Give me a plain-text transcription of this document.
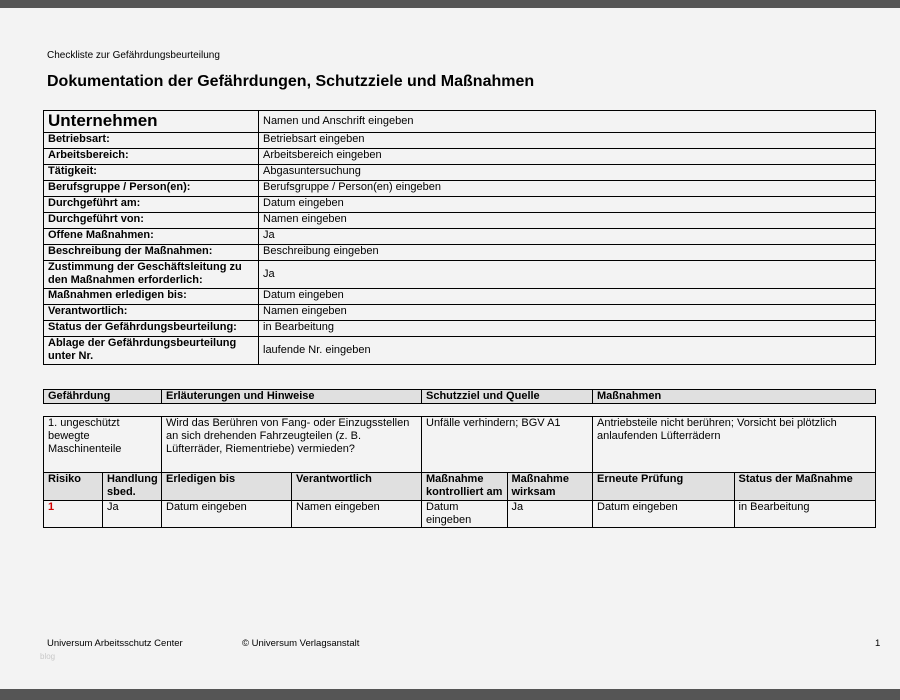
Checkliste zur Gefährdungsbeurteilung
Dokumentation der Gefährdungen, Schutzziele und Maßnahmen
Unternehmen	Namen und Anschrift eingeben
Betriebsart:	Betriebsart eingeben
Arbeitsbereich:	Arbeitsbereich eingeben
Tätigkeit:	Abgasuntersuchung
Berufsgruppe / Person(en):	Berufsgruppe / Person(en) eingeben
Durchgeführt am:	Datum eingeben
Durchgeführt von:	Namen eingeben
Offene Maßnahmen:	Ja
Beschreibung der Maßnahmen:	Beschreibung eingeben
Zustimmung der Geschäftsleitung zu den Maßnahmen erforderlich:	Ja
Maßnahmen erledigen bis:	Datum eingeben
Verantwortlich:	Namen eingeben
Status der Gefährdungsbeurteilung:	in Bearbeitung
Ablage der Gefährdungsbeurteilung unter Nr.	laufende Nr. eingeben
Gefährdung	Erläuterungen und Hinweise	Schutzziel und Quelle	Maßnahmen
1. ungeschützt bewegte Maschinenteile		Wird das Berühren von Fang- oder Einzugsstellen an sich drehenden Fahrzeugteilen (z. B. Lüfterräder, Riementriebe) vermieden?		Unfälle verhindern; BGV A1		Antriebsteile nicht berühren; Vorsicht bei plötzlich anlaufenden Lüfterrädern	
Risiko	Handlung sbed.	Erledigen bis	Verantwortlich	Maßnahme kontrolliert am	Maßnahme wirksam	Erneute Prüfung	Status der Maßnahme
1	Ja	Datum eingeben	Namen eingeben	Datum eingeben	Ja	Datum eingeben	in Bearbeitung
Universum Arbeitsschutz Center	© Universum Verlagsanstalt	1
blog
